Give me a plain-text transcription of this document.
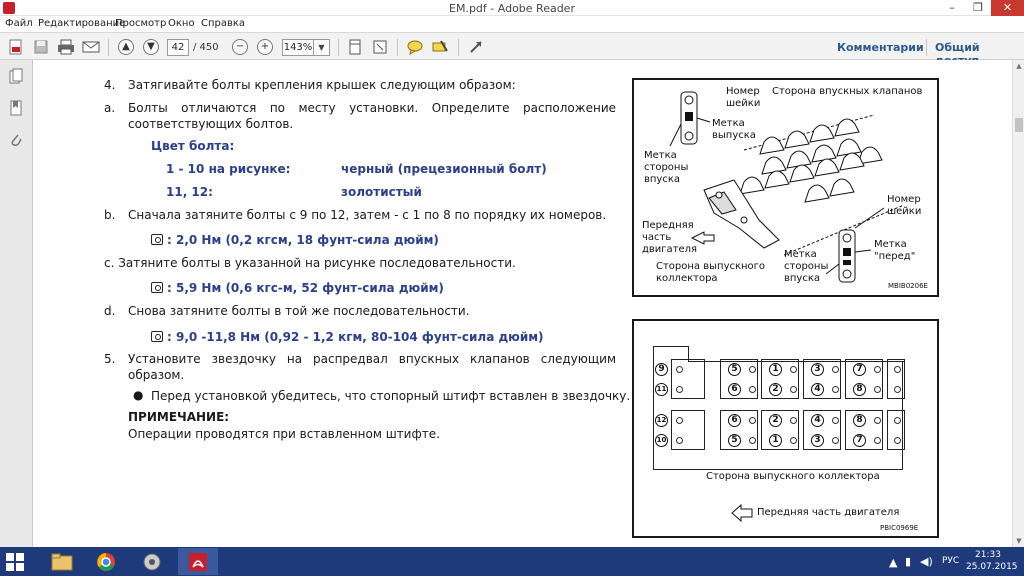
EM.pdf - Adobe Reader	–	❐	✕
Файл Редактирование
Просмотр Окно Справка
▲	▼	42 / 450	−	+	143% ▼	Комментарии Общий
4. Затягивайте болты крепления крышек следующим образом:
a. Болты отличаются по месту установки. Определите расположение
соответствующих болтов.
Цвет болта:
1 - 10 на рисунке:	черный (прецезионный болт)
11, 12:	золотистый
b. Сначала затяните болты с 9 по 12, затем - с 1 по 8 по порядку их номеров.
: 2,0 Нм (0,2 кгсм, 18 фунт-сила дюйм)
c. Затяните болты в указанной на рисунке последовательности.
: 5,9 Нм (0,6 кгс-м, 52 фунт-сила дюйм)
d. Снова затяните болты в той же последовательности.
: 9,0 -11,8 Нм (0,92 - 1,2 кгм, 80-104 фунт-сила дюйм)
5. Установите звездочку на распредвал впускных клапанов следующим
образом.
● Перед установкой убедитесь, что стопорный штифт вставлен в звездочку.
ПРИМЕЧАНИЕ:
Операции проводятся при вставленном штифте.
Номер
шейки
Сторона впускных клапанов
Метка
выпуска
Метка
стороны
впуска
Номер
шейки
Передняя
часть
двигателя	Метка
"перед"
Метка
стороны
впуска
Сторона выпускного
коллектора
MBIB0206E
9	5	1	3	7
11	6	2	4	8
12	6	2	4	8
10	5	1	3	7
Сторона выпускного коллектора
Передняя часть двигателя
PBIC0969E
▲
▼
▲ ▮ ◀) РУС
21:33
25.07.2015
